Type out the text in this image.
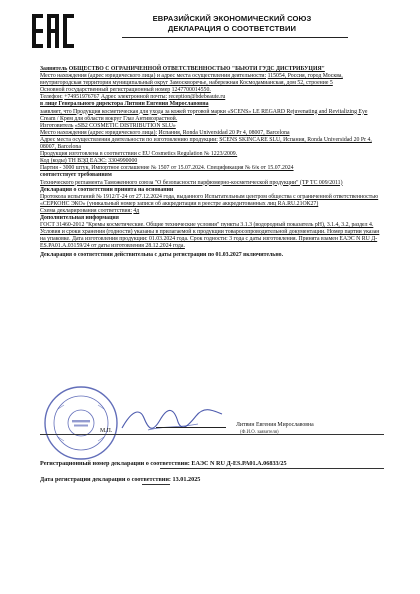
ЕВРАЗИЙСКИЙ ЭКОНОМИЧЕСКИЙ СОЮЗ
ДЕКЛАРАЦИЯ О СООТВЕТСТВИИ

Заявитель ОБЩЕСТВО С ОГРАНИЧЕННОЙ ОТВЕТСТВЕННОСТЬЮ "БЬЮТИ ГУДС ДИСТРИБУЦИЯ"

Место нахождения (адрес юридического лица) и адрес места осуществления деятельности: 115054, Россия, город Москва, внутригородская территория муниципальный округ Замоскворечье, набережная Космодамианская, дом 52, строение 5

Основной государственный регистрационный номер 1247700014550.

Телефон: +74951976767 Адрес электронной почты: reception@bdebeaute.ru

в лице Генерального директора Литвин Евгения Мирославовна

заявляет, что Продукция косметическая для ухода за кожей торговой марки «SCENS» LE REGARD Rejuvenating and Revitalizing Eye Cream / Крем для области вокруг Глаз Антивозрастной.

Изготовитель «SB2 COSMETIC DISTRIBUTION SLU»

Место нахождения (адрес юридического лица): Испания, Ronda Universidad 20 Pr 4, 08007, Barcelona

Адрес места осуществления деятельности по изготовлению продукции: SCENS SKINCARE SLU, Испания, Ronda Universidad 20 Pr 4, 08007, Barcelona

Продукция изготовлена в соответствии с EU Cosmetics Regulation № 1223/2009.

Код (коды) ТН ВЭД ЕАЭС: 3304990000

Партия - 3000 штук, Импортное соглашение № 1507 от 15.07.2024. Спецификация № 6/к от 15.07.2024

соответствует требованиям

Технического регламента Таможенного союза "О безопасности парфюмерно-косметической продукции" (ТР ТС 009/2011)

Декларация о соответствии принята на основании

Протокола испытаний № 1912/Т-24 от 27.12.2024 года, выданного Испытательным центром общества с ограниченной ответственностью «СЕРКОНС ЭКО» (уникальный номер записи об аккредитации в реестре аккредитованных лиц RA.RU.21ОК27)

Схема декларирования соответствия: 4д

Дополнительная информация

ГОСТ 31460-2012 "Кремы косметические. Общие технические условия" пункты 3.1.3 (водородный показатель pH), 3.1.4, 3.2, раздел 4. Условия и сроки хранения (годности) указаны в прилагаемой к продукции товаросопроводительной документации. Номер партии указан на упаковке. Дата изготовления продукции: 01.03.2024 года. Срок годности: 3 года с даты изготовления. Принята взамен ЕАЭС N RU Д-ES.РА01.А.03159/24 от даты изготовления 28.12.2024 года.

Декларация о соответствии действительна с даты регистрации по 01.03.2027 включительно.

М.П.
Литвин Евгения Мирославовна
(Ф.И.О. заявителя)
Регистрационный номер декларации о соответствии: ЕАЭС N RU Д-ES.РА01.А.06833/25
Дата регистрации декларации о соответствии: 13.01.2025
